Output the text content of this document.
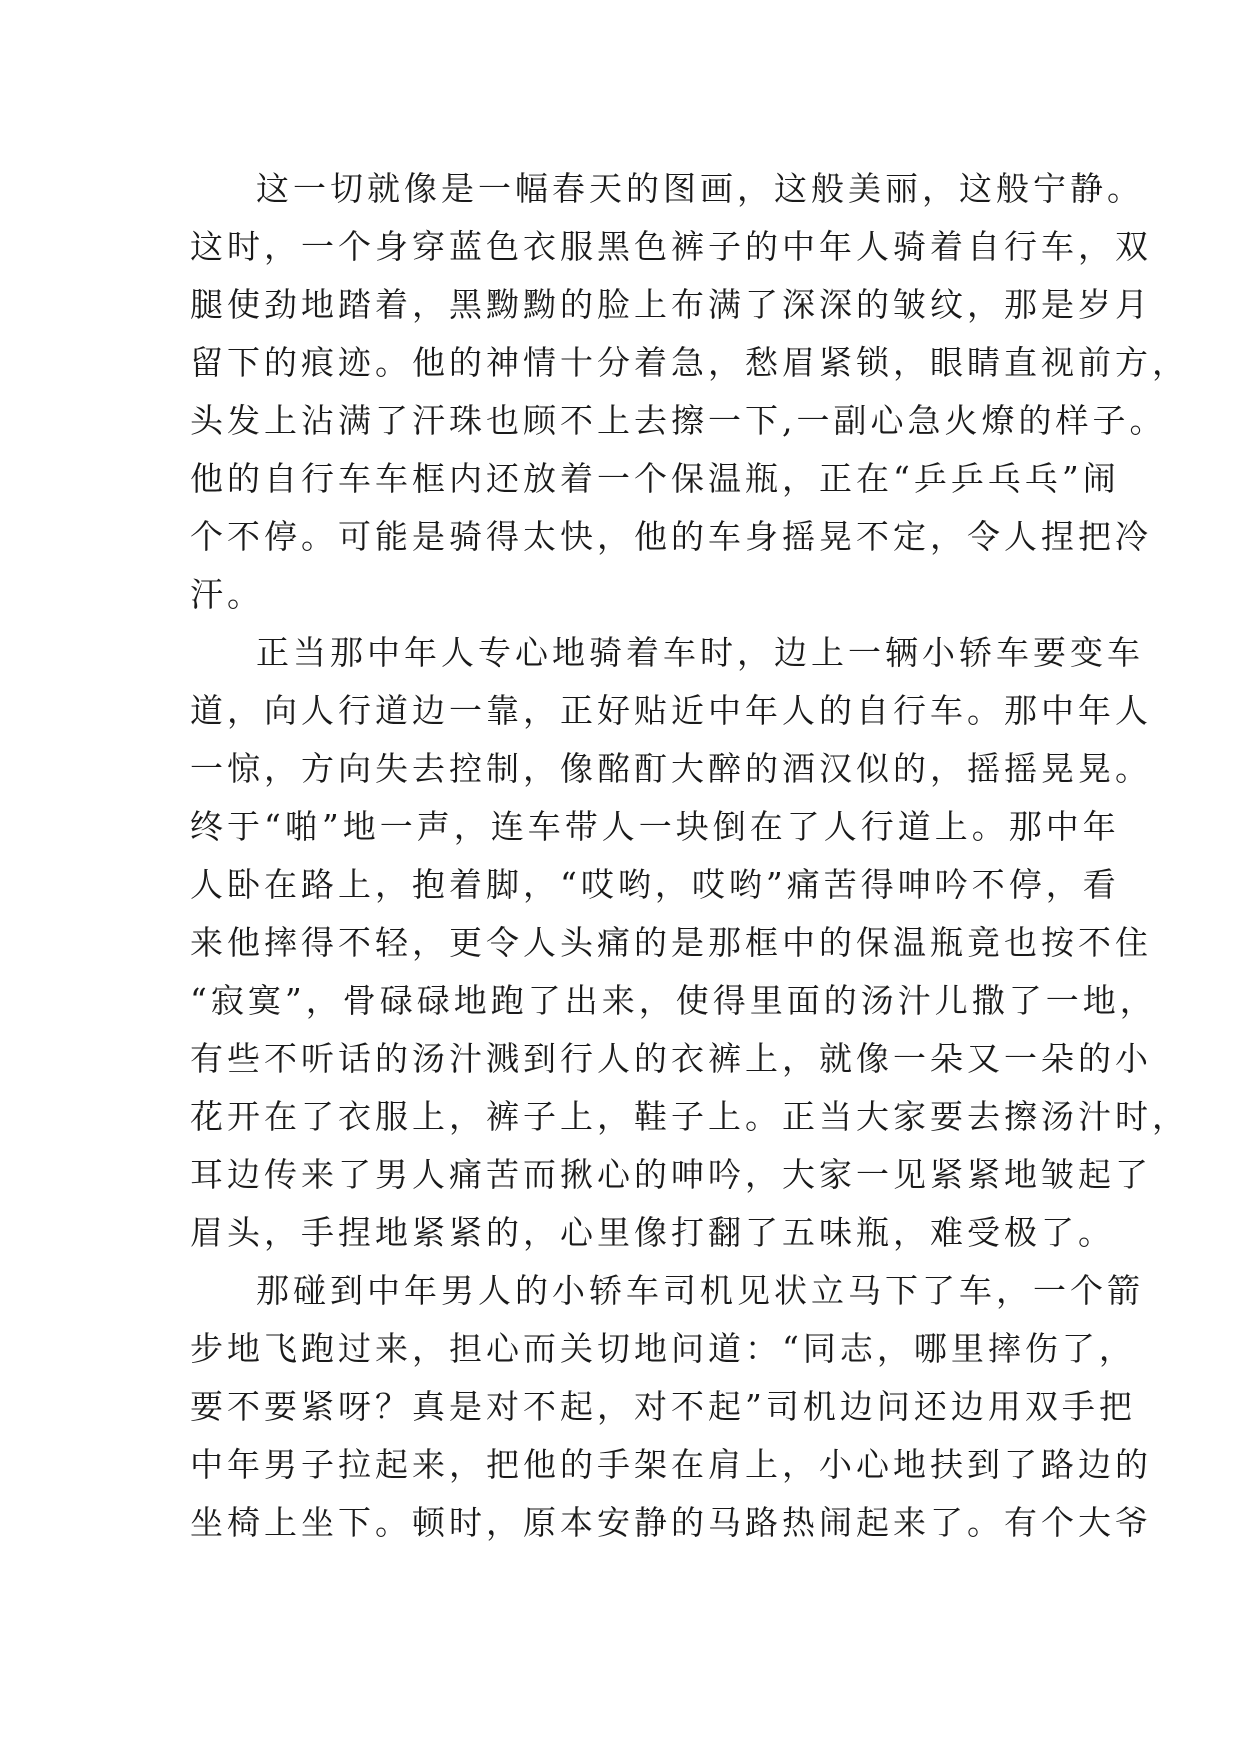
这一切就像是一幅春天的图画，这般美丽，这般宁静。
这时，一个身穿蓝色衣服黑色裤子的中年人骑着自行车，双
腿使劲地踏着，黑黝黝的脸上布满了深深的皱纹，那是岁月
留下的痕迹。他的神情十分着急，愁眉紧锁，眼睛直视前方，
头发上沾满了汗珠也顾不上去擦一下,一副心急火燎的样子。
他的自行车车框内还放着一个保温瓶，正在“乒乒乓乓”闹
个不停。可能是骑得太快，他的车身摇晃不定，令人捏把冷
汗。
正当那中年人专心地骑着车时，边上一辆小轿车要变车
道，向人行道边一靠，正好贴近中年人的自行车。那中年人
一惊，方向失去控制，像酩酊大醉的酒汉似的，摇摇晃晃。
终于“啪”地一声，连车带人一块倒在了人行道上。那中年
人卧在路上，抱着脚，“哎哟，哎哟”痛苦得呻吟不停，看
来他摔得不轻，更令人头痛的是那框中的保温瓶竟也按不住
“寂寞”，骨碌碌地跑了出来，使得里面的汤汁儿撒了一地，
有些不听话的汤汁溅到行人的衣裤上，就像一朵又一朵的小
花开在了衣服上，裤子上，鞋子上。正当大家要去擦汤汁时，
耳边传来了男人痛苦而揪心的呻吟，大家一见紧紧地皱起了
眉头，手捏地紧紧的，心里像打翻了五味瓶，难受极了。
那碰到中年男人的小轿车司机见状立马下了车，一个箭
步地飞跑过来，担心而关切地问道：“同志，哪里摔伤了，
要不要紧呀？真是对不起，对不起”司机边问还边用双手把
中年男子拉起来，把他的手架在肩上，小心地扶到了路边的
坐椅上坐下。顿时，原本安静的马路热闹起来了。有个大爷
